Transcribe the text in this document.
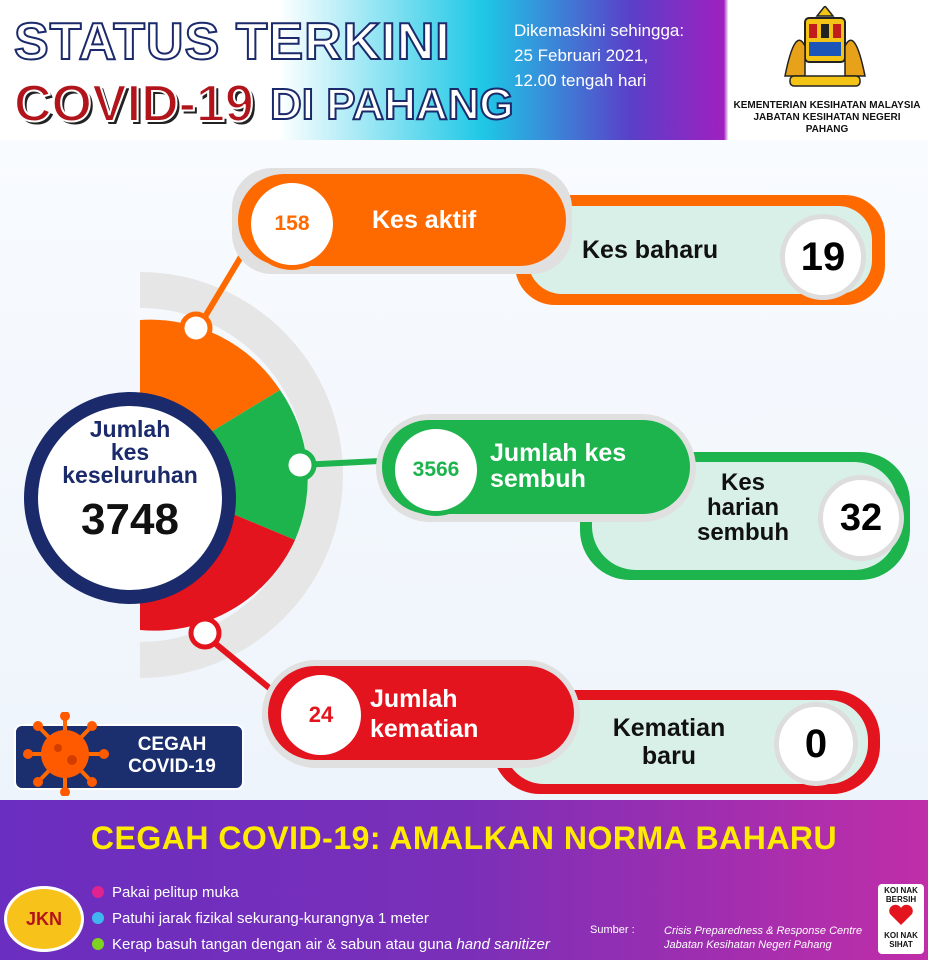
STATUS TERKINI
COVID-19 DI PAHANG
Dikemaskini sehingga:
25 Februari 2021,
12.00 tengah hari
KEMENTERIAN KESIHATAN MALAYSIA
JABATAN KESIHATAN NEGERI PAHANG
Jumlah
kes
keseluruhan
3748
Kes baharu	19
158	Kes aktif
Kes
harian
sembuh	32
3566
Jumlah kes
sembuh
Kematian
baru	0
24
Jumlah
kematian
CEGAH
COVID-19
CEGAH COVID-19: AMALKAN NORMA BAHARU
JKN
Pakai pelitup muka
Patuhi jarak fizikal sekurang-kurangnya 1 meter
Kerap basuh tangan dengan air & sabun atau guna hand sanitizer
Sumber :	Crisis Preparedness & Response Centre
Jabatan Kesihatan Negeri Pahang
KOI NAK BERSIH
KOI NAK SIHAT
